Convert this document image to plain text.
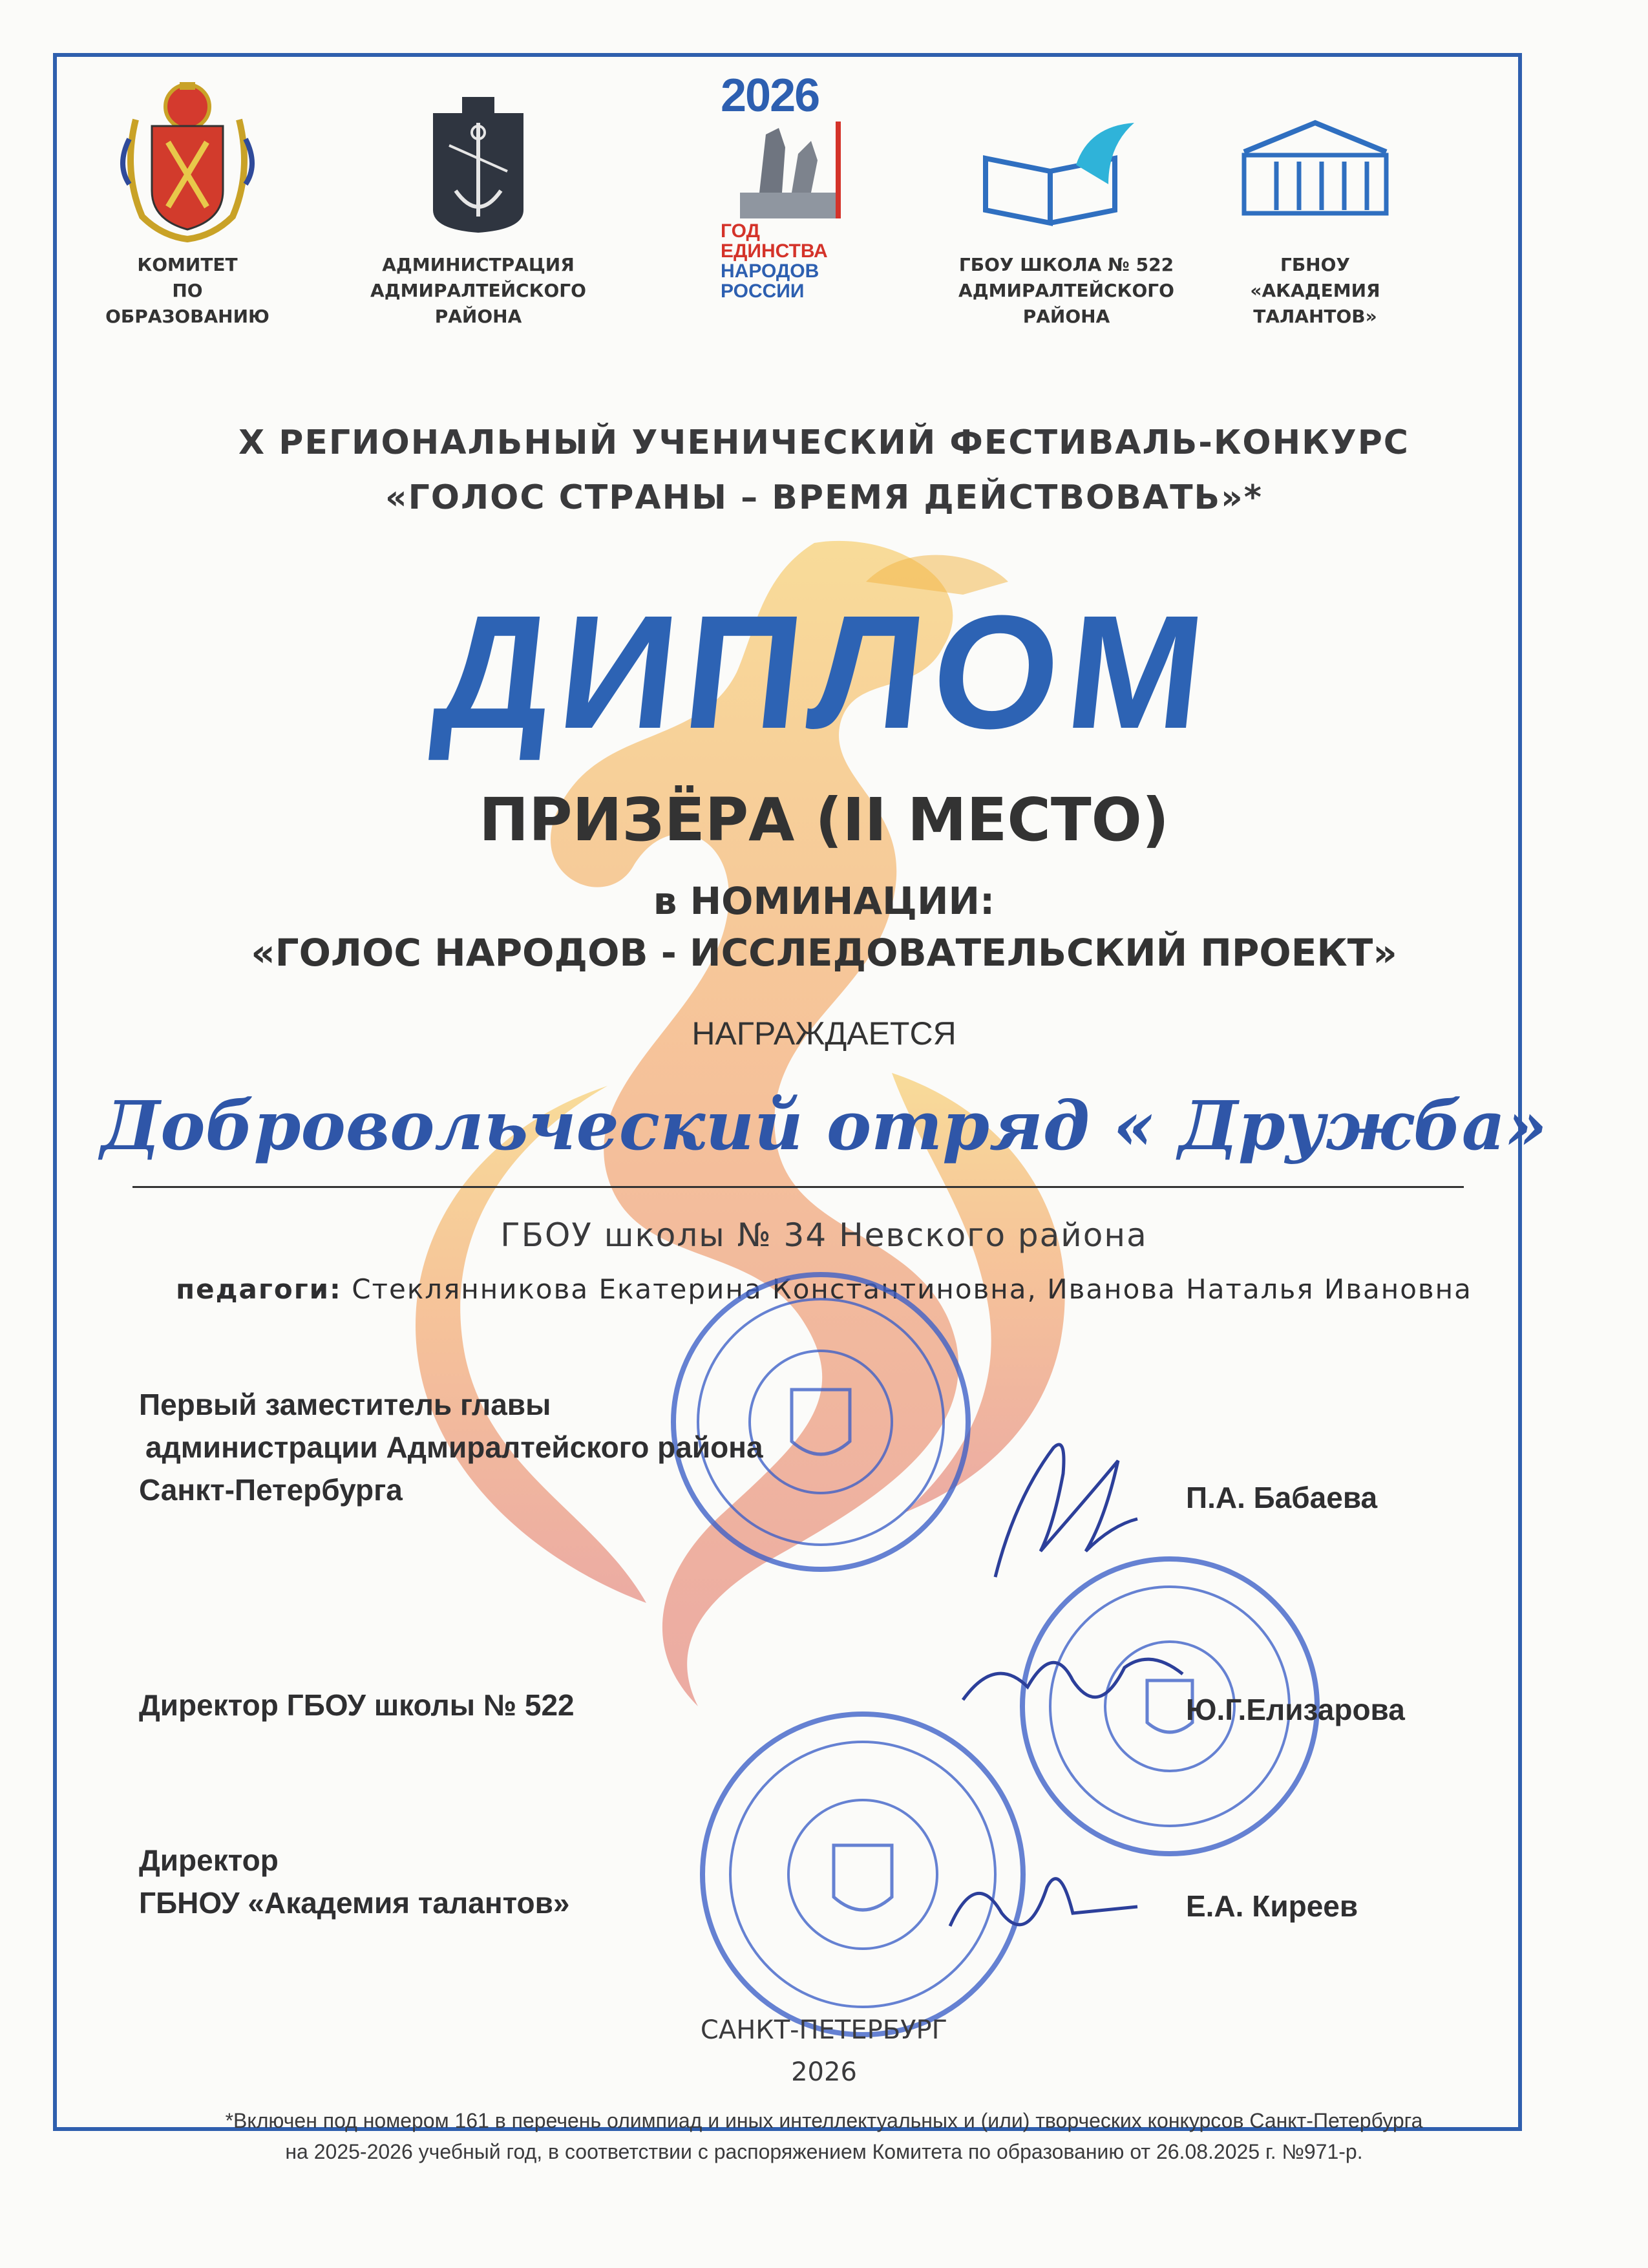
КОМИТЕТ
ПО
ОБРАЗОВАНИЮ
АДМИНИСТРАЦИЯ
АДМИРАЛТЕЙСКОГО
РАЙОНА
2026
ГОД
ЕДИНСТВА
НАРОДОВ
РОССИИ
ГБОУ ШКОЛА № 522
АДМИРАЛТЕЙСКОГО
РАЙОНА
ГБНОУ
«АКАДЕМИЯ
ТАЛАНТОВ»
X РЕГИОНАЛЬНЫЙ УЧЕНИЧЕСКИЙ ФЕСТИВАЛЬ-КОНКУРС
«ГОЛОС СТРАНЫ – ВРЕМЯ ДЕЙСТВОВАТЬ»*
ДИПЛОМ
ПРИЗЁРА (II МЕСТО)
в НОМИНАЦИИ:
«ГОЛОС НАРОДОВ - ИССЛЕДОВАТЕЛЬСКИЙ ПРОЕКТ»
НАГРАЖДАЕТСЯ
Добровольческий отряд « Дружба»
ГБОУ школы № 34 Невского района
педагоги: Стеклянникова Екатерина Константиновна, Иванова Наталья Ивановна
Первый заместитель главы
администрации Адмиралтейского района
Санкт-Петербурга	П.А. Бабаева
Директор ГБОУ школы № 522	Ю.Г.Елизарова
Директор
ГБНОУ «Академия талантов»	Е.А. Киреев
САНКТ-ПЕТЕРБУРГ
2026
*Включен под номером 161 в перечень олимпиад и иных интеллектуальных и (или) творческих конкурсов Санкт-Петербурга
на 2025-2026 учебный год, в соответствии с распоряжением Комитета по образованию от 26.08.2025 г. №971-р.
